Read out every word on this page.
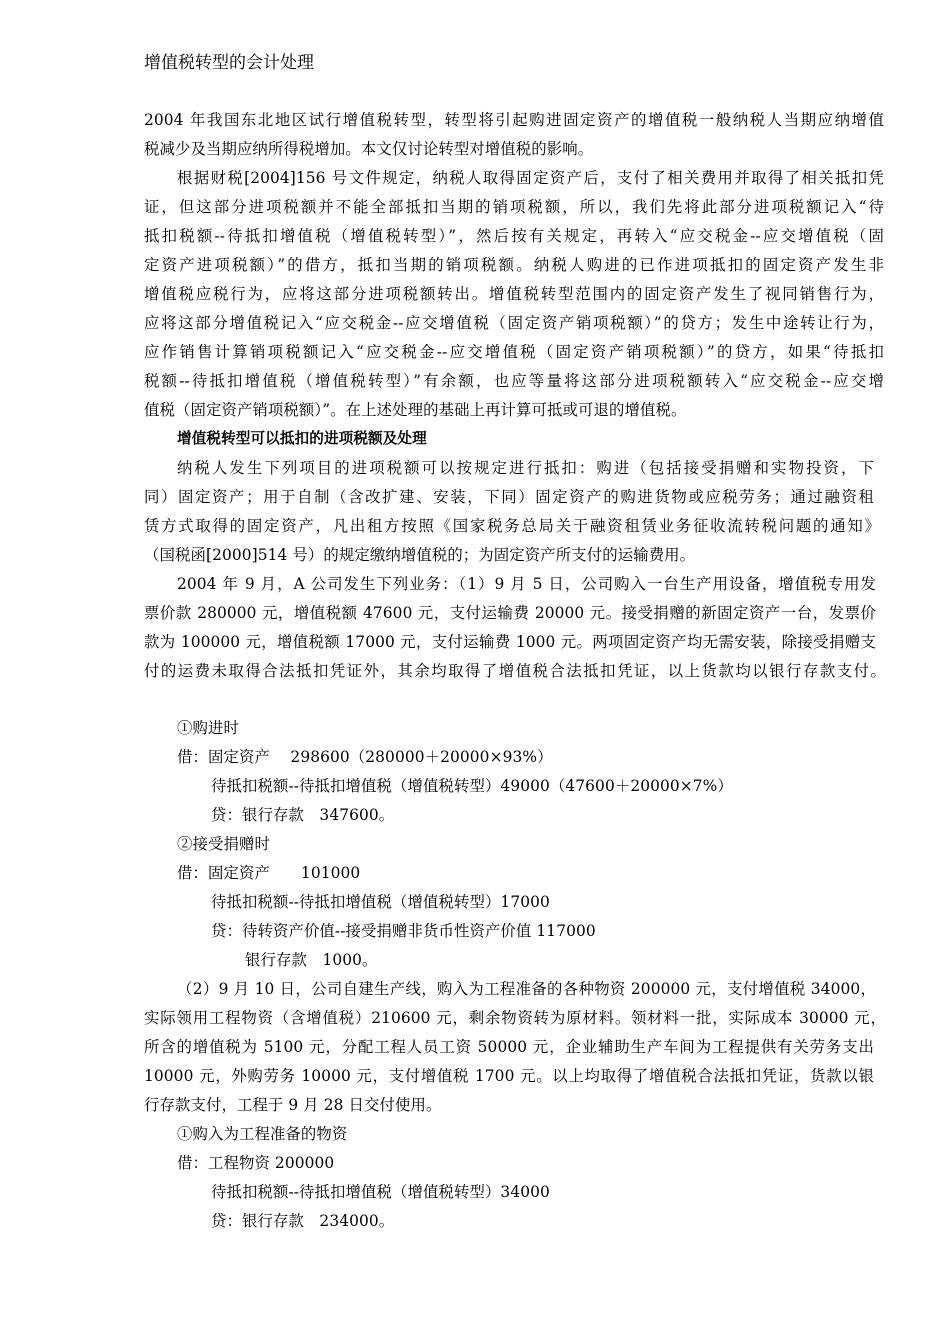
增值税转型的会计处理
2004 年我国东北地区试行增值税转型，转型将引起购进固定资产的增值税一般纳税人当期应纳增值
税减少及当期应纳所得税增加。本文仅讨论转型对增值税的影响。
根据财税[2004]156 号文件规定，纳税人取得固定资产后，支付了相关费用并取得了相关抵扣凭
证，但这部分进项税额并不能全部抵扣当期的销项税额，所以，我们先将此部分进项税额记入“待
抵扣税额--待抵扣增值税（增值税转型）”，然后按有关规定，再转入“应交税金--应交增值税（固
定资产进项税额）”的借方，抵扣当期的销项税额。纳税人购进的已作进项抵扣的固定资产发生非
增值税应税行为，应将这部分进项税额转出。增值税转型范围内的固定资产发生了视同销售行为，
应将这部分增值税记入“应交税金--应交增值税（固定资产销项税额）”的贷方；发生中途转让行为，
应作销售计算销项税额记入“应交税金--应交增值税（固定资产销项税额）”的贷方，如果“待抵扣
税额--待抵扣增值税（增值税转型）”有余额，也应等量将这部分进项税额转入“应交税金--应交增
值税（固定资产销项税额）”。在上述处理的基础上再计算可抵或可退的增值税。
增值税转型可以抵扣的进项税额及处理
纳税人发生下列项目的进项税额可以按规定进行抵扣：购进（包括接受捐赠和实物投资，下
同）固定资产；用于自制（含改扩建、安装，下同）固定资产的购进货物或应税劳务；通过融资租
赁方式取得的固定资产，凡出租方按照《国家税务总局关于融资租赁业务征收流转税问题的通知》
（国税函[2000]514 号）的规定缴纳增值税的；为固定资产所支付的运输费用。
2004 年 9 月，A 公司发生下列业务：（1）9 月 5 日，公司购入一台生产用设备，增值税专用发
票价款 280000 元，增值税额 47600 元，支付运输费 20000 元。接受捐赠的新固定资产一台，发票价
款为 100000 元，增值税额 17000 元，支付运输费 1000 元。两项固定资产均无需安装，除接受捐赠支
付的运费未取得合法抵扣凭证外，其余均取得了增值税合法抵扣凭证，以上货款均以银行存款支付。
①购进时
借：固定资产　 298600（280000＋20000×93%）
待抵扣税额--待抵扣增值税（增值税转型）49000（47600＋20000×7%）
贷：银行存款　347600。
②接受捐赠时
借：固定资产　　101000
待抵扣税额--待抵扣增值税（增值税转型）17000
贷：待转资产价值--接受捐赠非货币性资产价值 117000
银行存款　1000。
（2）9 月 10 日，公司自建生产线，购入为工程准备的各种物资 200000 元，支付增值税 34000，
实际领用工程物资（含增值税）210600 元，剩余物资转为原材料。领材料一批，实际成本 30000 元，
所含的增值税为 5100 元，分配工程人员工资 50000 元，企业辅助生产车间为工程提供有关劳务支出
10000 元，外购劳务 10000 元，支付增值税 1700 元。以上均取得了增值税合法抵扣凭证，货款以银
行存款支付，工程于 9 月 28 日交付使用。
①购入为工程准备的物资
借：工程物资 200000
待抵扣税额--待抵扣增值税（增值税转型）34000
贷：银行存款　234000。
